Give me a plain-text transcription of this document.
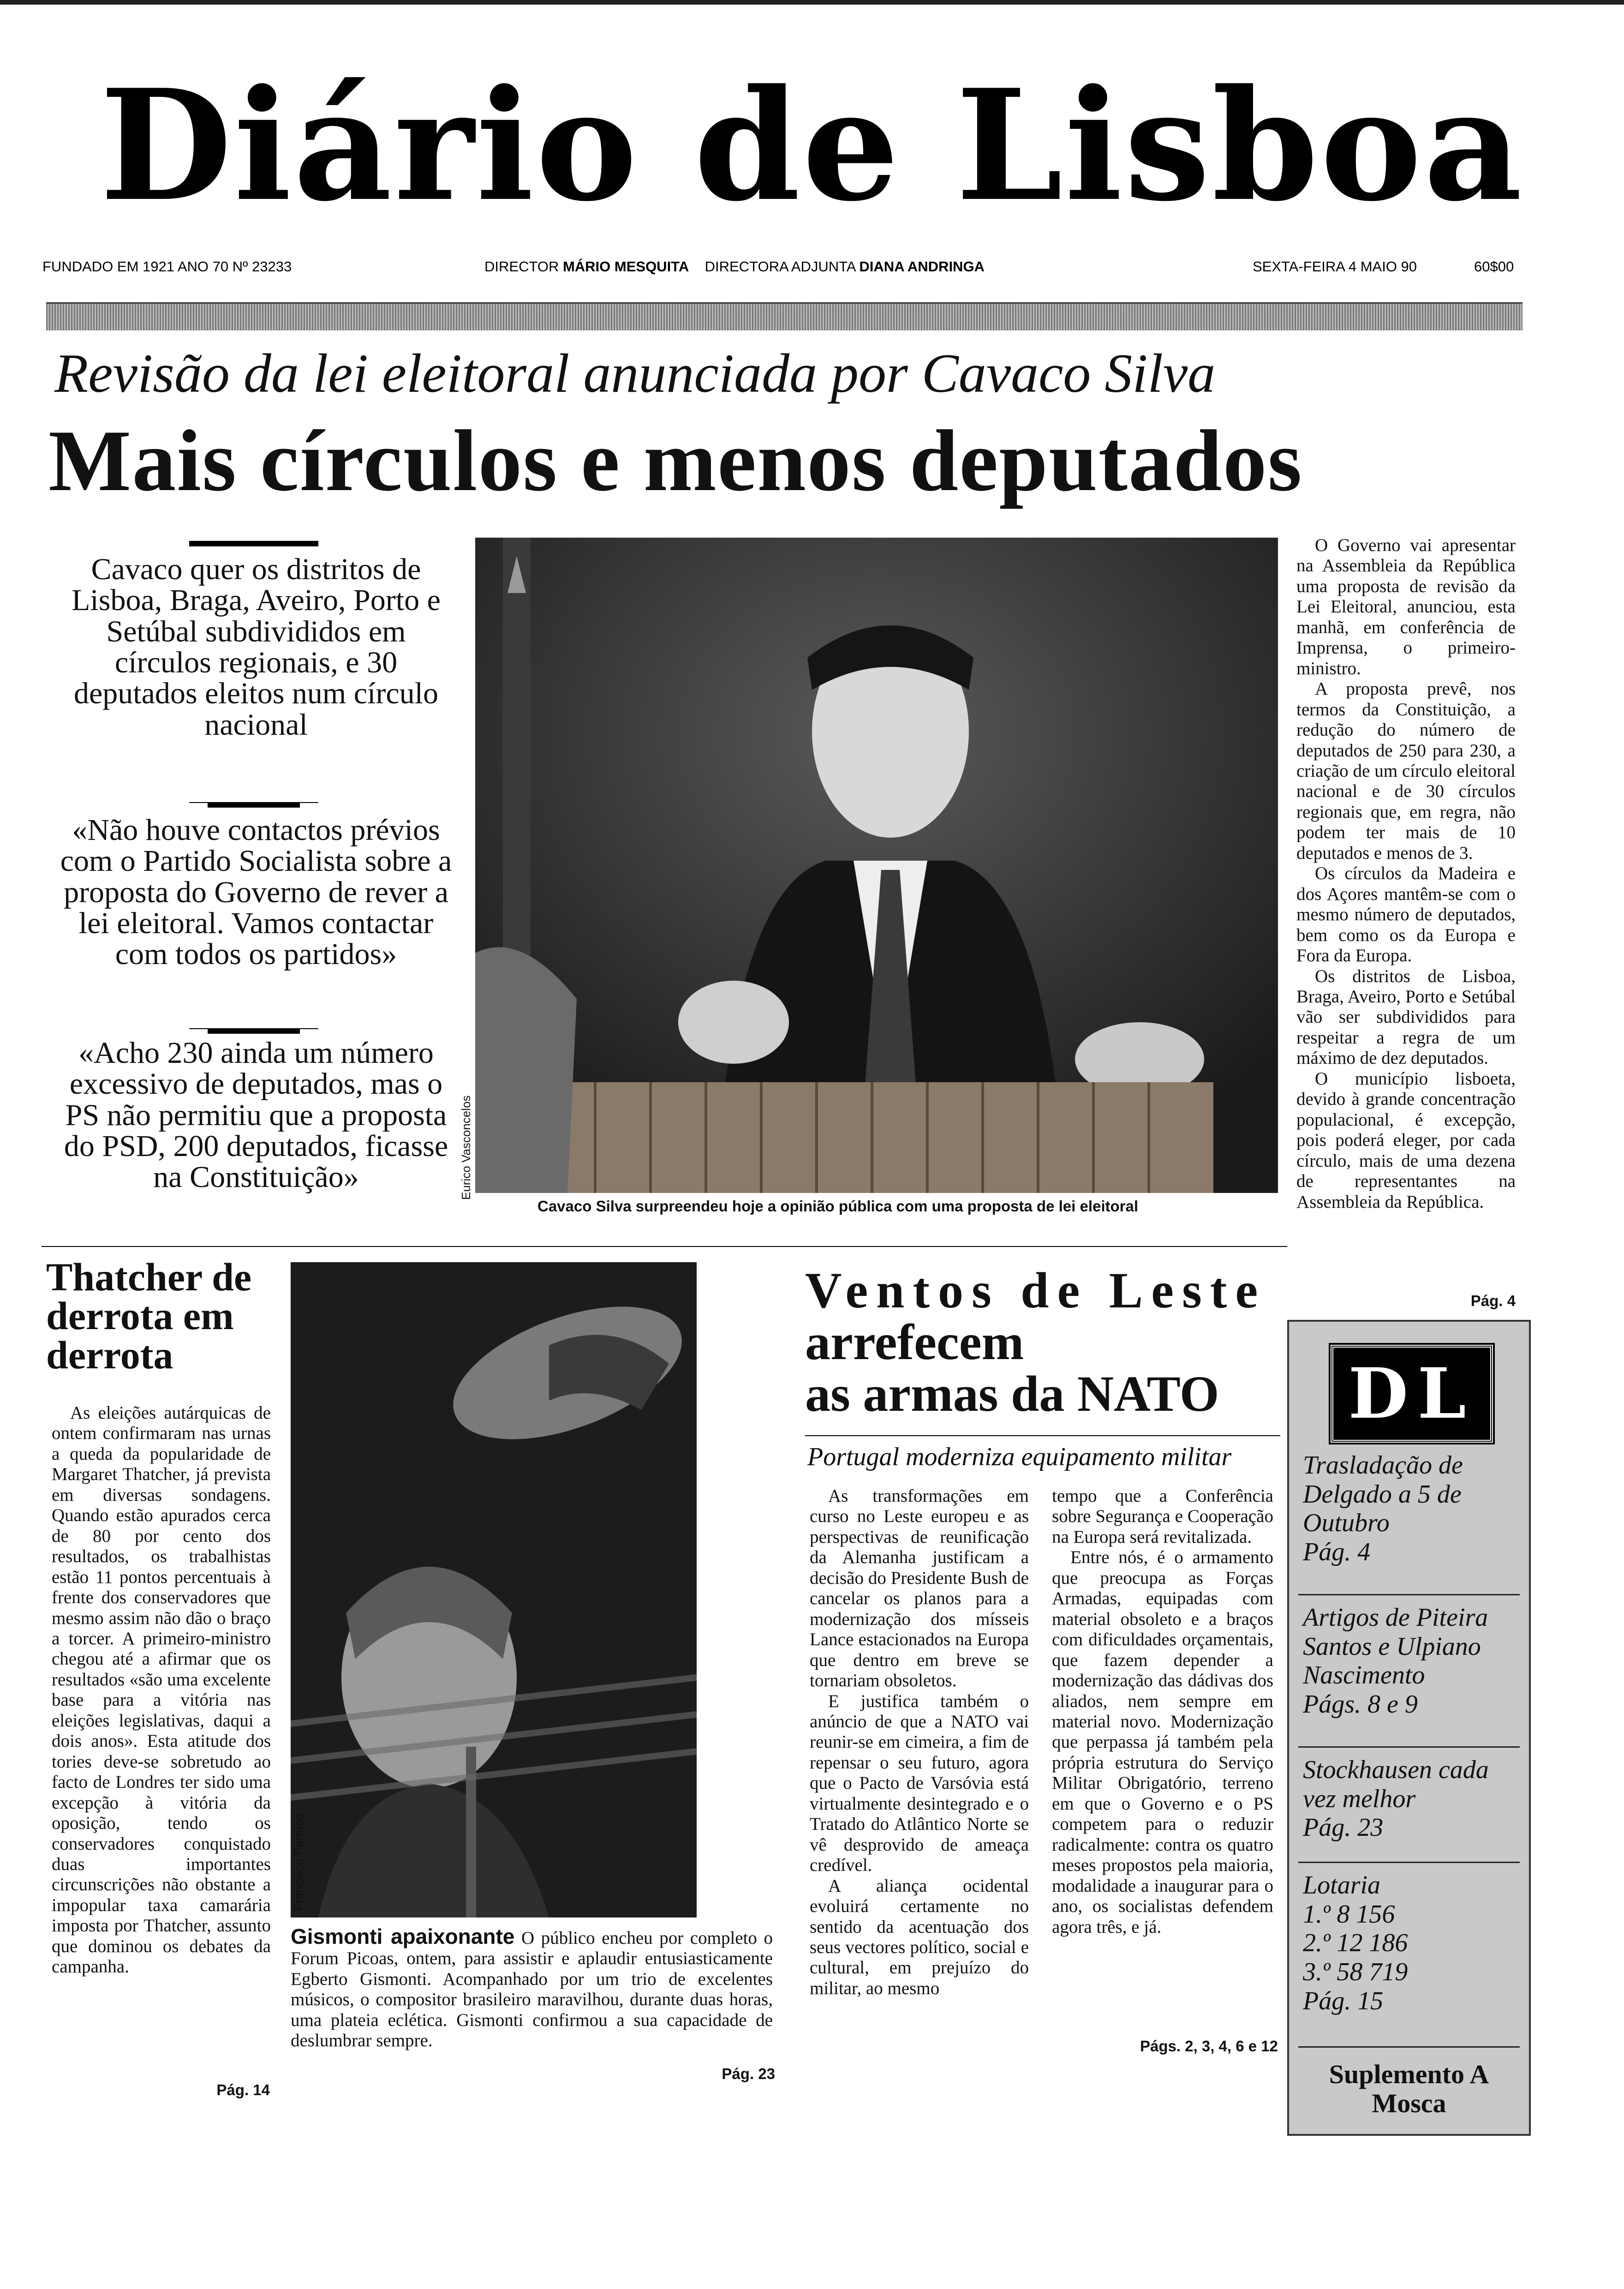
Diário de Lisboa
FUNDADO EM 1921 ANO 70 Nº 23233	DIRECTOR MÁRIO MESQUITA DIRECTORA ADJUNTA DIANA ANDRINGA	SEXTA-FEIRA 4 MAIO 90	60$00
Revisão da lei eleitoral anunciada por Cavaco Silva
Mais círculos e menos deputados
Cavaco quer os distritos de Lisboa, Braga, Aveiro, Porto e Setúbal subdivididos em círculos regionais, e 30 deputados eleitos num círculo nacional
«Não houve contactos prévios com o Partido Socialista sobre a proposta do Governo de rever a lei eleitoral. Vamos contactar com todos os partidos»
«Acho 230 ainda um número excessivo de deputados, mas o PS não permitiu que a proposta do PSD, 200 deputados, ficasse na Constituição»	Eurico Vasconcelos
Cavaco Silva surpreendeu hoje a opinião pública com uma proposta de lei eleitoral

O Governo vai apresentar na Assembleia da República uma proposta de revisão da Lei Eleitoral, anunciou, esta manhã, em conferência de Imprensa, o primeiro-ministro.

A proposta prevê, nos termos da Constituição, a redução do número de deputados de 250 para 230, a criação de um círculo eleitoral nacional e de 30 círculos regionais que, em regra, não podem ter mais de 10 deputados e menos de 3.

Os círculos da Madeira e dos Açores mantêm-se com o mesmo número de deputados, bem como os da Europa e Fora da Europa.

Os distritos de Lisboa, Braga, Aveiro, Porto e Setúbal vão ser subdivididos para respeitar a regra de um máximo de dez deputados.

O município lisboeta, devido à grande concentração populacional, é excepção, pois poderá eleger, por cada círculo, mais de uma dezena de representantes na Assembleia da República.

Pág. 4
Thatcher de derrota em derrota

As eleições autárquicas de ontem confirmaram nas urnas a queda da popularidade de Margaret Thatcher, já prevista em diversas sondagens. Quando estão apurados cerca de 80 por cento dos resultados, os trabalhistas estão 11 pontos percentuais à frente dos conservadores que mesmo assim não dão o braço a torcer. A primeiro-ministro chegou até a afirmar que os resultados «são uma excelente base para a vitória nas eleições legislativas, daqui a dois anos». Esta atitude dos tories deve-se sobretudo ao facto de Londres ter sido uma excepção à vitória da oposição, tendo os conservadores conquistado duas importantes circunscrições não obstante a impopular taxa camarária imposta por Thatcher, assunto que dominou os debates da campanha.

Pág. 14
Francisco Paraíso
Gismonti apaixonante O público encheu por completo o Forum Picoas, ontem, para assistir e aplaudir entusiasticamente Egberto Gismonti. Acompanhado por um trio de excelentes músicos, o compositor brasileiro maravilhou, durante duas horas, uma plateia eclética. Gismonti confirmou a sua capacidade de deslumbrar sempre.
Pág. 23
Ventos de Leste
arrefecem
as armas da NATO
Portugal moderniza equipamento militar

As transformações em curso no Leste europeu e as perspectivas de reunificação da Alemanha justificam a decisão do Presidente Bush de cancelar os planos para a modernização dos mísseis Lance estacionados na Europa que dentro em breve se tornariam obsoletos.

E justifica também o anúncio de que a NATO vai reunir-se em cimeira, a fim de repensar o seu futuro, agora que o Pacto de Varsóvia está virtualmente desintegrado e o Tratado do Atlântico Norte se vê desprovido de ameaça credível.

A aliança ocidental evoluirá certamente no sentido da acentuação dos seus vectores político, social e cultural, em prejuízo do militar, ao mesmo

tempo que a Conferência sobre Segurança e Cooperação na Europa será revitalizada.

Entre nós, é o armamento que preocupa as Forças Armadas, equipadas com material obsoleto e a braços com dificuldades orçamentais, que fazem depender a modernização das dádivas dos aliados, nem sempre em material novo. Modernização que perpassa já também pela própria estrutura do Serviço Militar Obrigatório, terreno em que o Governo e o PS competem para o reduzir radicalmente: contra os quatro meses propostos pela maioria, modalidade a inaugurar para o ano, os socialistas defendem agora três, e já.

Págs. 2, 3, 4, 6 e 12
DL
Trasladação de Delgado a 5 de Outubro
Pág. 4
Artigos de Piteira Santos e Ulpiano Nascimento
Págs. 8 e 9
Stockhausen cada vez melhor
Pág. 23
Lotaria
1.º 8 156
2.º 12 186
3.º 58 719
Pág. 15
Suplemento A Mosca
